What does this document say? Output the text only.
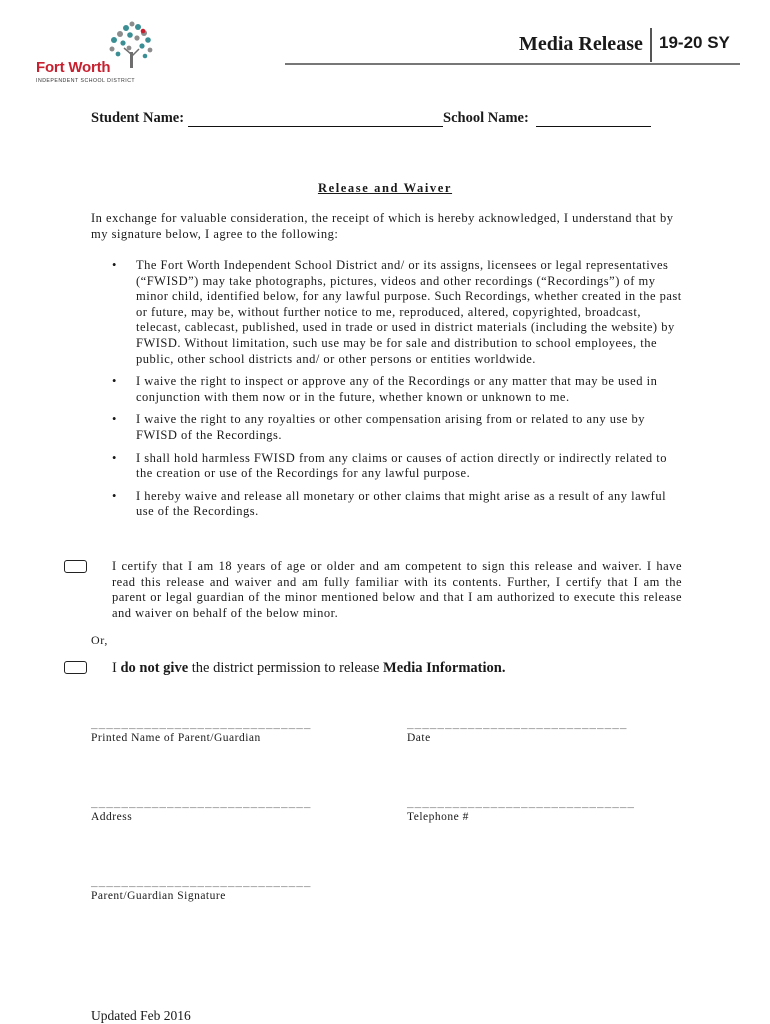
Fort Worth
INDEPENDENT SCHOOL DISTRICT
Media Release 19-20 SY
Student Name:	School Name:
Release and Waiver
In exchange for valuable consideration, the receipt of which is hereby acknowledged, I understand that by my signature below, I agree to the following:
• The Fort Worth Independent School District and/ or its assigns, licensees or legal representatives (“FWISD”) may take photographs, pictures, videos and other recordings (“Recordings”) of my minor child, identified below, for any lawful purpose. Such Recordings, whether created in the past or future, may be, without further notice to me, reproduced, altered, copyrighted, broadcast, telecast, cablecast, published, used in trade or used in district materials (including the website) by FWISD. Without limitation, such use may be for sale and distribution to school employees, the public, other school districts and/ or other persons or entities worldwide.
• I waive the right to inspect or approve any of the Recordings or any matter that may be used in conjunction with them now or in the future, whether known or unknown to me.
• I waive the right to any royalties or other compensation arising from or related to any use by FWISD of the Recordings.
• I shall hold harmless FWISD from any claims or causes of action directly or indirectly related to the creation or use of the Recordings for any lawful purpose.
• I hereby waive and release all monetary or other claims that might arise as a result of any lawful use of the Recordings.
I certify that I am 18 years of age or older and am competent to sign this release and waiver. I have read this release and waiver and am fully familiar with its contents. Further, I certify that I am the parent or legal guardian of the minor mentioned below and that I am authorized to execute this release and waiver on behalf of the below minor.
Or,
I do not give the district permission to release Media Information.
_____________________________
Printed Name of Parent/Guardian
_____________________________
Date
_____________________________
Address
______________________________
Telephone #
_____________________________
Parent/Guardian Signature
Updated Feb 2016
